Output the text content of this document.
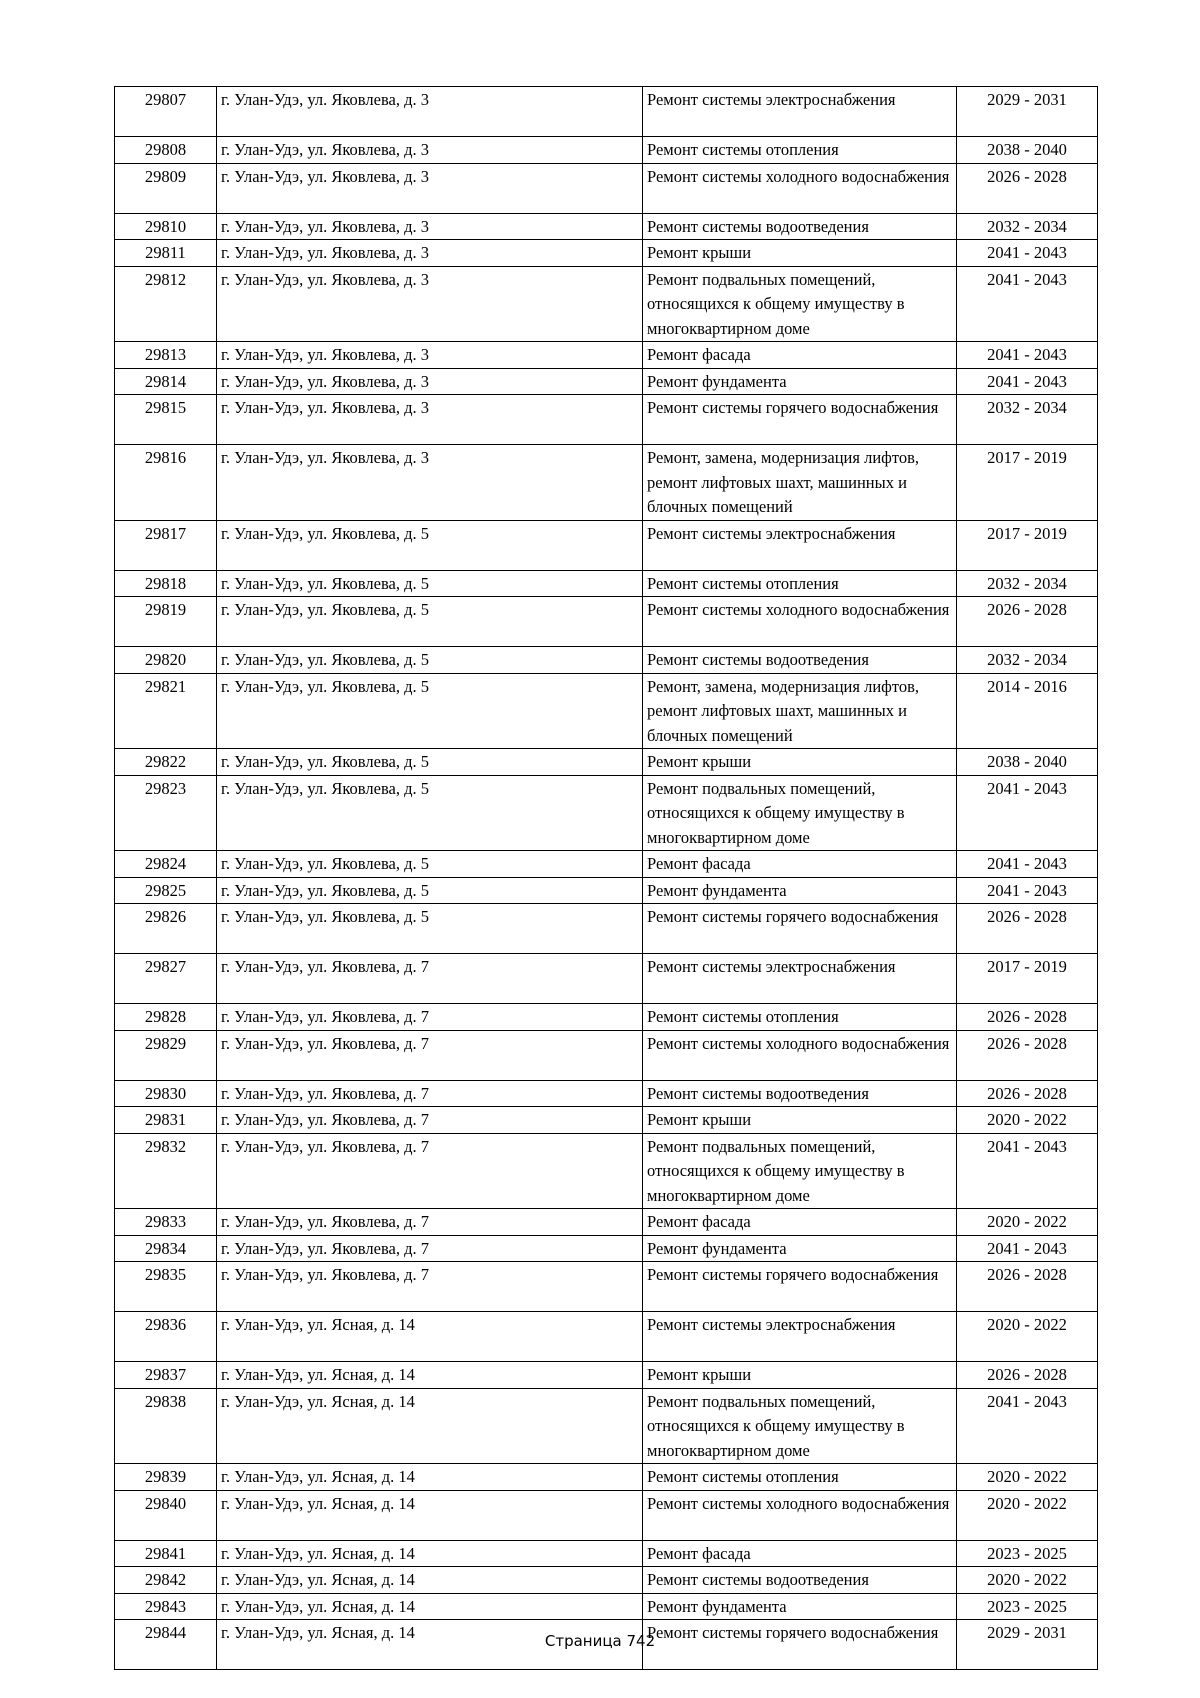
29807	г. Улан-Удэ, ул. Яковлева, д. 3	Ремонт системы электроснабжения	2029 - 2031
29808	г. Улан-Удэ, ул. Яковлева, д. 3	Ремонт системы отопления	2038 - 2040
29809	г. Улан-Удэ, ул. Яковлева, д. 3	Ремонт системы холодного водоснабжения	2026 - 2028
29810	г. Улан-Удэ, ул. Яковлева, д. 3	Ремонт системы водоотведения	2032 - 2034
29811	г. Улан-Удэ, ул. Яковлева, д. 3	Ремонт крыши	2041 - 2043
29812	г. Улан-Удэ, ул. Яковлева, д. 3	Ремонт подвальных помещений, относящихся к общему имуществу в многоквартирном доме	2041 - 2043
29813	г. Улан-Удэ, ул. Яковлева, д. 3	Ремонт фасада	2041 - 2043
29814	г. Улан-Удэ, ул. Яковлева, д. 3	Ремонт фундамента	2041 - 2043
29815	г. Улан-Удэ, ул. Яковлева, д. 3	Ремонт системы горячего водоснабжения	2032 - 2034
29816	г. Улан-Удэ, ул. Яковлева, д. 3	Ремонт, замена, модернизация лифтов, ремонт лифтовых шахт, машинных и блочных помещений	2017 - 2019
29817	г. Улан-Удэ, ул. Яковлева, д. 5	Ремонт системы электроснабжения	2017 - 2019
29818	г. Улан-Удэ, ул. Яковлева, д. 5	Ремонт системы отопления	2032 - 2034
29819	г. Улан-Удэ, ул. Яковлева, д. 5	Ремонт системы холодного водоснабжения	2026 - 2028
29820	г. Улан-Удэ, ул. Яковлева, д. 5	Ремонт системы водоотведения	2032 - 2034
29821	г. Улан-Удэ, ул. Яковлева, д. 5	Ремонт, замена, модернизация лифтов, ремонт лифтовых шахт, машинных и блочных помещений	2014 - 2016
29822	г. Улан-Удэ, ул. Яковлева, д. 5	Ремонт крыши	2038 - 2040
29823	г. Улан-Удэ, ул. Яковлева, д. 5	Ремонт подвальных помещений, относящихся к общему имуществу в многоквартирном доме	2041 - 2043
29824	г. Улан-Удэ, ул. Яковлева, д. 5	Ремонт фасада	2041 - 2043
29825	г. Улан-Удэ, ул. Яковлева, д. 5	Ремонт фундамента	2041 - 2043
29826	г. Улан-Удэ, ул. Яковлева, д. 5	Ремонт системы горячего водоснабжения	2026 - 2028
29827	г. Улан-Удэ, ул. Яковлева, д. 7	Ремонт системы электроснабжения	2017 - 2019
29828	г. Улан-Удэ, ул. Яковлева, д. 7	Ремонт системы отопления	2026 - 2028
29829	г. Улан-Удэ, ул. Яковлева, д. 7	Ремонт системы холодного водоснабжения	2026 - 2028
29830	г. Улан-Удэ, ул. Яковлева, д. 7	Ремонт системы водоотведения	2026 - 2028
29831	г. Улан-Удэ, ул. Яковлева, д. 7	Ремонт крыши	2020 - 2022
29832	г. Улан-Удэ, ул. Яковлева, д. 7	Ремонт подвальных помещений, относящихся к общему имуществу в многоквартирном доме	2041 - 2043
29833	г. Улан-Удэ, ул. Яковлева, д. 7	Ремонт фасада	2020 - 2022
29834	г. Улан-Удэ, ул. Яковлева, д. 7	Ремонт фундамента	2041 - 2043
29835	г. Улан-Удэ, ул. Яковлева, д. 7	Ремонт системы горячего водоснабжения	2026 - 2028
29836	г. Улан-Удэ, ул. Ясная, д. 14	Ремонт системы электроснабжения	2020 - 2022
29837	г. Улан-Удэ, ул. Ясная, д. 14	Ремонт крыши	2026 - 2028
29838	г. Улан-Удэ, ул. Ясная, д. 14	Ремонт подвальных помещений, относящихся к общему имуществу в многоквартирном доме	2041 - 2043
29839	г. Улан-Удэ, ул. Ясная, д. 14	Ремонт системы отопления	2020 - 2022
29840	г. Улан-Удэ, ул. Ясная, д. 14	Ремонт системы холодного водоснабжения	2020 - 2022
29841	г. Улан-Удэ, ул. Ясная, д. 14	Ремонт фасада	2023 - 2025
29842	г. Улан-Удэ, ул. Ясная, д. 14	Ремонт системы водоотведения	2020 - 2022
29843	г. Улан-Удэ, ул. Ясная, д. 14	Ремонт фундамента	2023 - 2025
29844	г. Улан-Удэ, ул. Ясная, д. 14	Ремонт системы горячего водоснабжения	2029 - 2031
Страница 742
